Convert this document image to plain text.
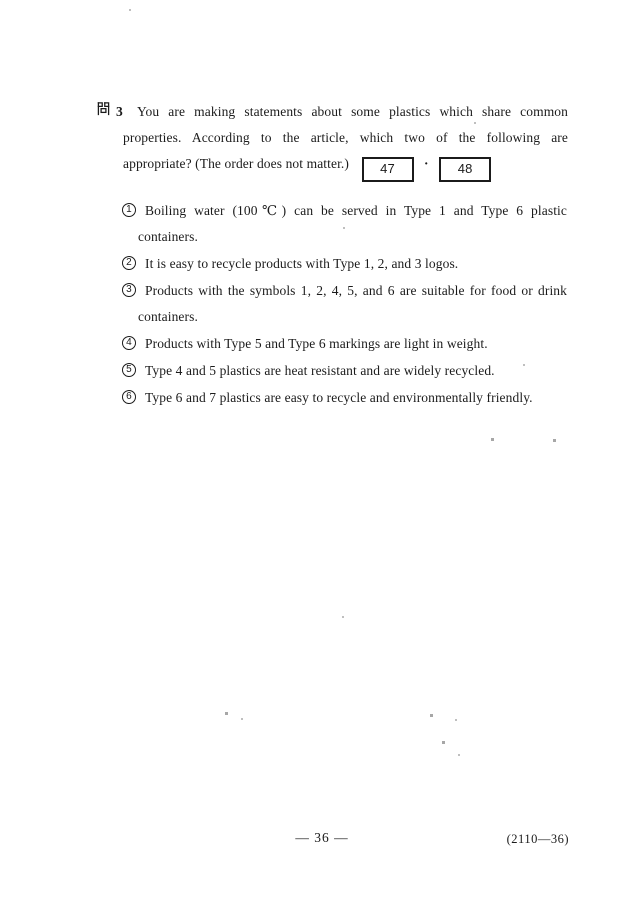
3	You are making statements about some plastics which share common
properties. According to the article, which two of the following are
appropriate? (The order does not matter.) 47 · 48
1 Boiling water (100℃) can be served in Type 1 and Type 6 plastic
containers.
2 It is easy to recycle products with Type 1, 2, and 3 logos.
3 Products with the symbols 1, 2, 4, 5, and 6 are suitable for food or drink
containers.
4 Products with Type 5 and Type 6 markings are light in weight.
5 Type 4 and 5 plastics are heat resistant and are widely recycled.
6 Type 6 and 7 plastics are easy to recycle and environmentally friendly.
— 36 —	(2110—36)
